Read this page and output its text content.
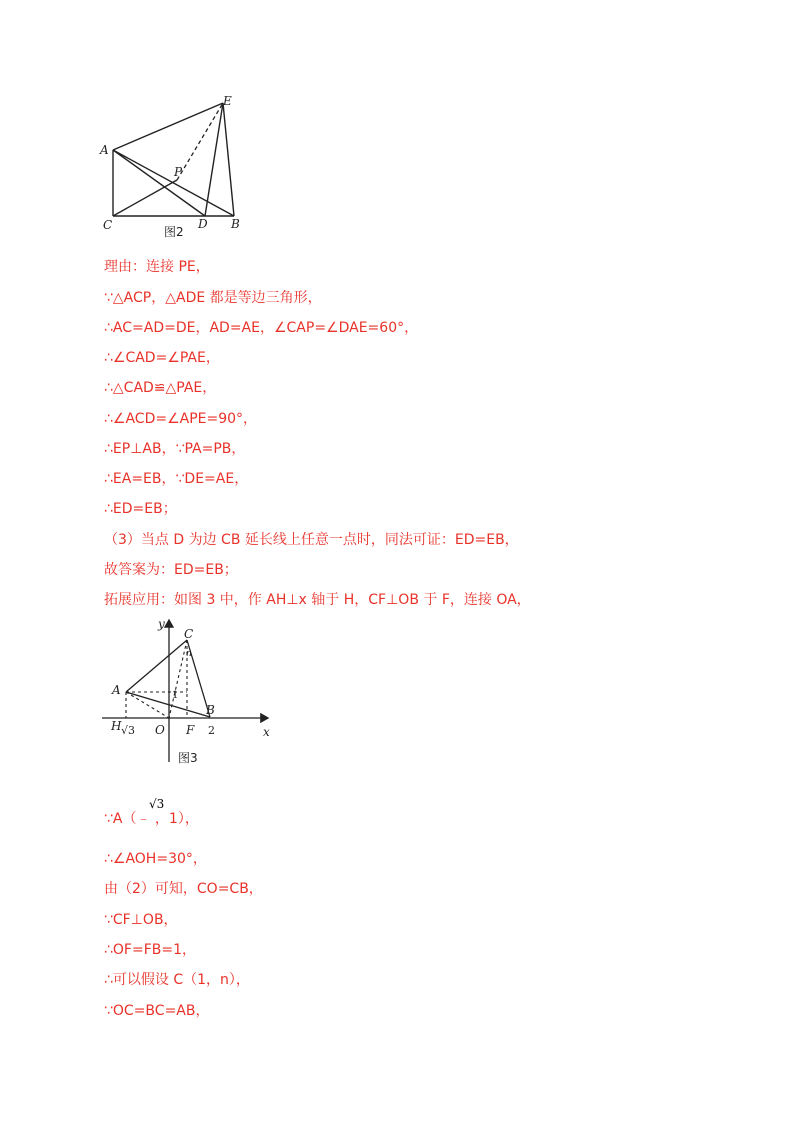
A
C
P
D B
E
图2

理由：连接 PE，

∵△ACP，△ADE 都是等边三角形，

∴AC=AD=DE，AD=AE，∠CAP=∠DAE=60°，

∴∠CAD=∠PAE，

∴△CAD≌△PAE，

∴∠ACD=∠APE=90°，

∴EP⊥AB，∵PA=PB，

∴EA=EB，∵DE=AE，

∴ED=EB；

（3）当点 D 为边 CB 延长线上任意一点时，同法可证：ED=EB，

故答案为：ED=EB；

拓展应用：如图 3 中，作 AH⊥x 轴于 H，CF⊥OB 于 F，连接 OA，

y
x
C
A
B
H	O F
n
√3	2
1
图3
√3

∵A（﹣ ，1），

∴∠AOH=30°，

由（2）可知，CO=CB，

∵CF⊥OB，

∴OF=FB=1，

∴可以假设 C（1，n），

∵OC=BC=AB，
